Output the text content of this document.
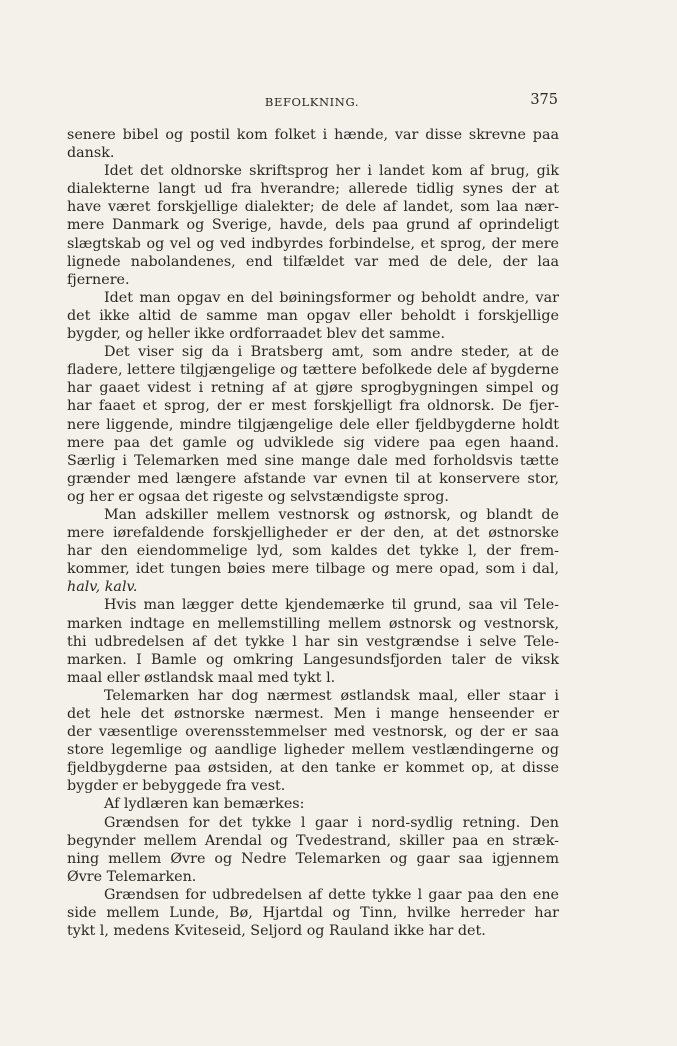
BEFOLKNING.	375
senere bibel og postil kom folket i hænde, var disse skrevne paa
dansk.
Idet det oldnorske skriftsprog her i landet kom af brug, gik
dialekterne langt ud fra hverandre; allerede tidlig synes der at
have været forskjellige dialekter; de dele af landet, som laa nær-
mere Danmark og Sverige, havde, dels paa grund af oprindeligt
slægtskab og vel og ved indbyrdes forbindelse, et sprog, der mere
lignede nabolandenes, end tilfældet var med de dele, der laa
fjernere.
Idet man opgav en del bøiningsformer og beholdt andre, var
det ikke altid de samme man opgav eller beholdt i forskjellige
bygder, og heller ikke ordforraadet blev det samme.
Det viser sig da i Bratsberg amt, som andre steder, at de
fladere, lettere tilgjængelige og tættere befolkede dele af bygderne
har gaaet videst i retning af at gjøre sprogbygningen simpel og
har faaet et sprog, der er mest forskjelligt fra oldnorsk. De fjer-
nere liggende, mindre tilgjængelige dele eller fjeldbygderne holdt
mere paa det gamle og udviklede sig videre paa egen haand.
Særlig i Telemarken med sine mange dale med forholdsvis tætte
grænder med længere afstande var evnen til at konservere stor,
og her er ogsaa det rigeste og selvstændigste sprog.
Man adskiller mellem vestnorsk og østnorsk, og blandt de
mere iørefaldende forskjelligheder er der den, at det østnorske
har den eiendommelige lyd, som kaldes det tykke l, der frem-
kommer, idet tungen bøies mere tilbage og mere opad, som i dal,
halv, kalv.
Hvis man lægger dette kjendemærke til grund, saa vil Tele-
marken indtage en mellemstilling mellem østnorsk og vestnorsk,
thi udbredelsen af det tykke l har sin vestgrændse i selve Tele-
marken. I Bamle og omkring Langesundsfjorden taler de viksk
maal eller østlandsk maal med tykt l.
Telemarken har dog nærmest østlandsk maal, eller staar i
det hele det østnorske nærmest. Men i mange henseender er
der væsentlige overensstemmelser med vestnorsk, og der er saa
store legemlige og aandlige ligheder mellem vestlændingerne og
fjeldbygderne paa østsiden, at den tanke er kommet op, at disse
bygder er bebyggede fra vest.
Af lydlæren kan bemærkes:
Grændsen for det tykke l gaar i nord-sydlig retning. Den
begynder mellem Arendal og Tvedestrand, skiller paa en stræk-
ning mellem Øvre og Nedre Telemarken og gaar saa igjennem
Øvre Telemarken.
Grændsen for udbredelsen af dette tykke l gaar paa den ene
side mellem Lunde, Bø, Hjartdal og Tinn, hvilke herreder har
tykt l, medens Kviteseid, Seljord og Rauland ikke har det.
